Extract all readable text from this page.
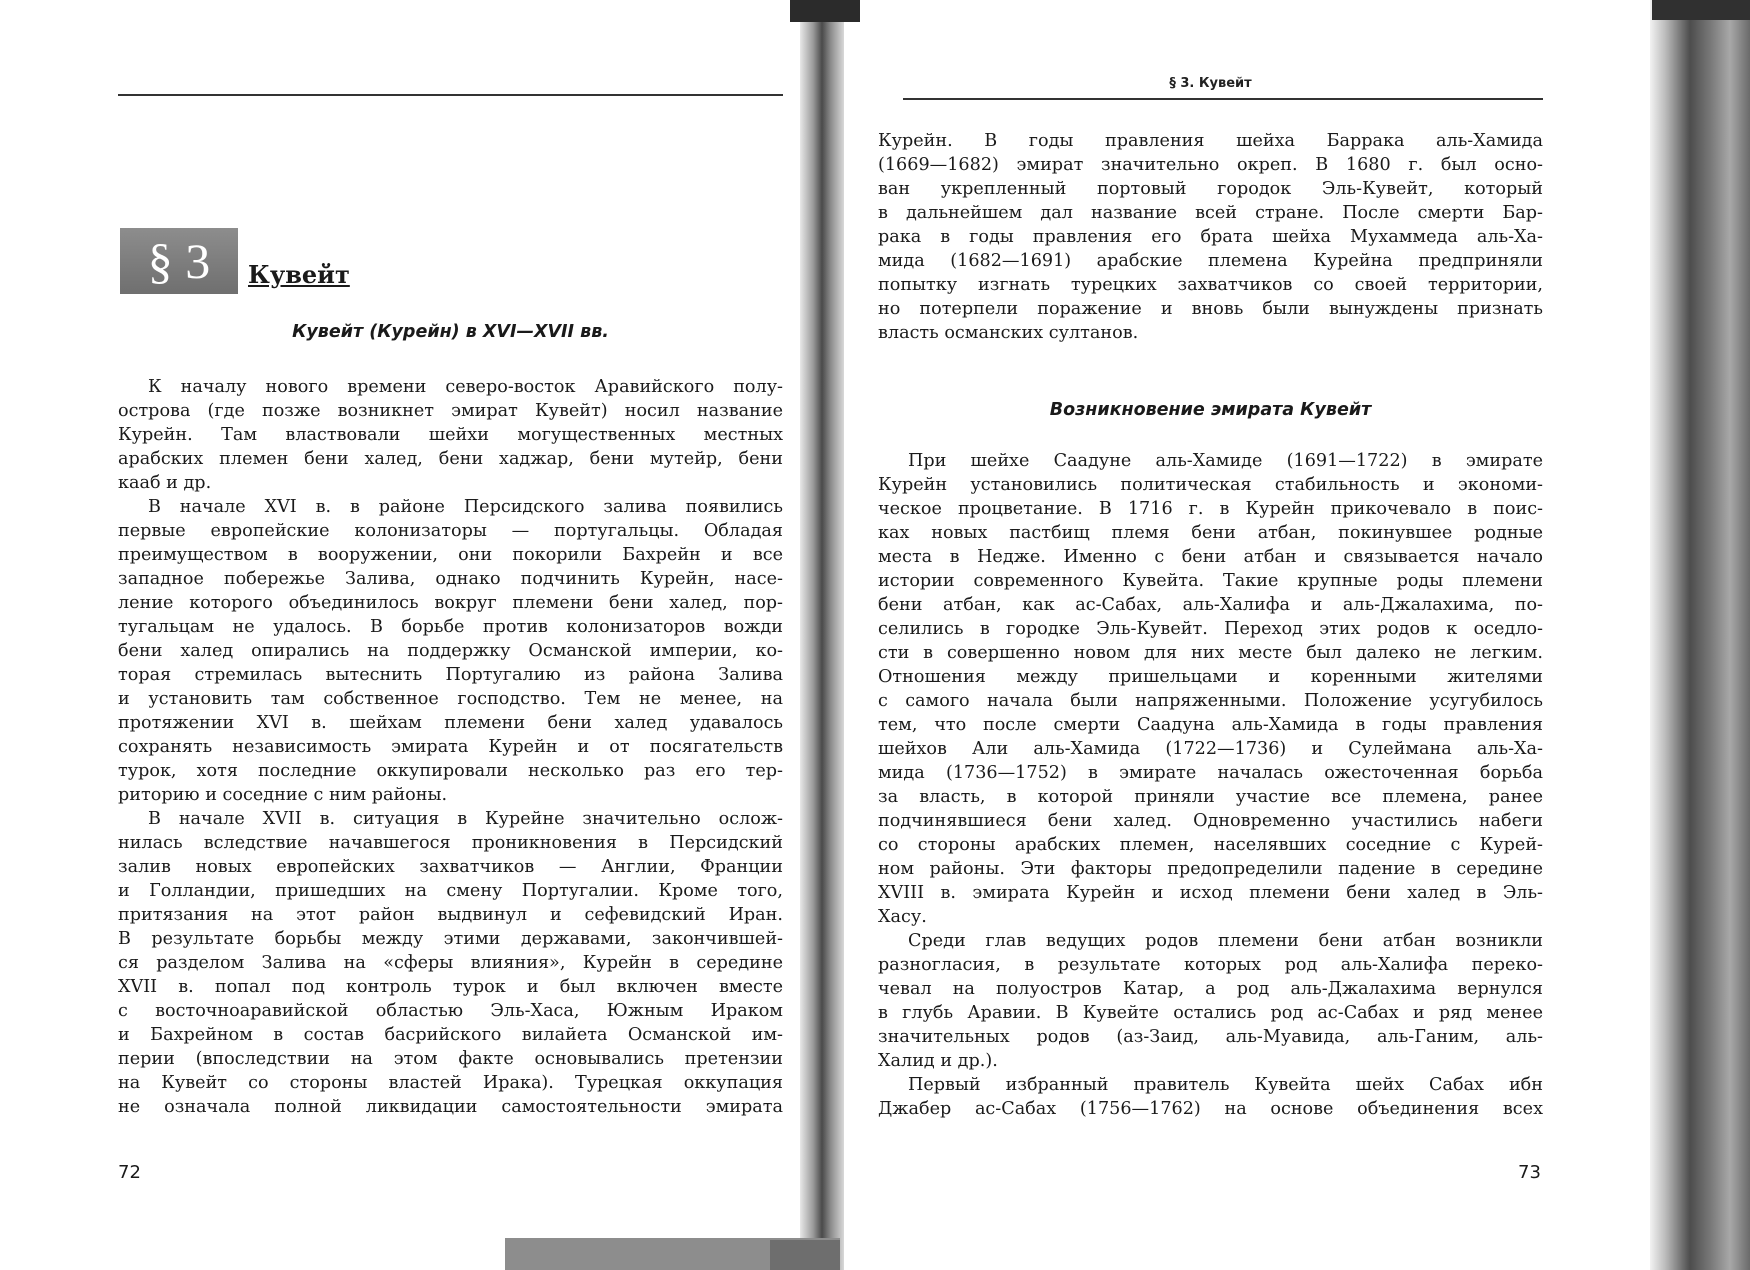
§ 3	Кувейт
Кувейт (Курейн) в XVI—XVII вв.
К началу нового времени северо-восток Аравийского полу-
острова (где позже возникнет эмират Кувейт) носил название
Курейн. Там властвовали шейхи могущественных местных
арабских племен бени халед, бени хаджар, бени мутейр, бени
кааб и др.
В начале XVI в. в районе Персидского залива появились
первые европейские колонизаторы — португальцы. Обладая
преимуществом в вооружении, они покорили Бахрейн и все
западное побережье Залива, однако подчинить Курейн, насе-
ление которого объединилось вокруг племени бени халед, пор-
тугальцам не удалось. В борьбе против колонизаторов вожди
бени халед опирались на поддержку Османской империи, ко-
торая стремилась вытеснить Португалию из района Залива
и установить там собственное господство. Тем не менее, на
протяжении XVI в. шейхам племени бени халед удавалось
сохранять независимость эмирата Курейн и от посягательств
турок, хотя последние оккупировали несколько раз его тер-
риторию и соседние с ним районы.
В начале XVII в. ситуация в Курейне значительно ослож-
нилась вследствие начавшегося проникновения в Персидский
залив новых европейских захватчиков — Англии, Франции
и Голландии, пришедших на смену Португалии. Кроме того,
притязания на этот район выдвинул и сефевидский Иран.
В результате борьбы между этими державами, закончившей-
ся разделом Залива на «сферы влияния», Курейн в середине
XVII в. попал под контроль турок и был включен вместе
с восточноаравийской областью Эль-Хаса, Южным Ираком
и Бахрейном в состав басрийского вилайета Османской им-
перии (впоследствии на этом факте основывались претензии
на Кувейт со стороны властей Ирака). Турецкая оккупация
не означала полной ликвидации самостоятельности эмирата
72
§ 3. Кувейт
Курейн. В годы правления шейха Баррака аль-Хамида
(1669—1682) эмират значительно окреп. В 1680 г. был осно-
ван укрепленный портовый городок Эль-Кувейт, который
в дальнейшем дал название всей стране. После смерти Бар-
рака в годы правления его брата шейха Мухаммеда аль-Ха-
мида (1682—1691) арабские племена Курейна предприняли
попытку изгнать турецких захватчиков со своей территории,
но потерпели поражение и вновь были вынуждены признать
власть османских султанов.
Возникновение эмирата Кувейт
При шейхе Саадуне аль-Хамиде (1691—1722) в эмирате
Курейн установились политическая стабильность и экономи-
ческое процветание. В 1716 г. в Курейн прикочевало в поис-
ках новых пастбищ племя бени атбан, покинувшее родные
места в Недже. Именно с бени атбан и связывается начало
истории современного Кувейта. Такие крупные роды племени
бени атбан, как ас-Сабах, аль-Халифа и аль-Джалахима, по-
селились в городке Эль-Кувейт. Переход этих родов к оседло-
сти в совершенно новом для них месте был далеко не легким.
Отношения между пришельцами и коренными жителями
с самого начала были напряженными. Положение усугубилось
тем, что после смерти Саадуна аль-Хамида в годы правления
шейхов Али аль-Хамида (1722—1736) и Сулеймана аль-Ха-
мида (1736—1752) в эмирате началась ожесточенная борьба
за власть, в которой приняли участие все племена, ранее
подчинявшиеся бени халед. Одновременно участились набеги
со стороны арабских племен, населявших соседние с Курей-
ном районы. Эти факторы предопределили падение в середине
XVIII в. эмирата Курейн и исход племени бени халед в Эль-
Хасу.
Среди глав ведущих родов племени бени атбан возникли
разногласия, в результате которых род аль-Халифа переко-
чевал на полуостров Катар, а род аль-Джалахима вернулся
в глубь Аравии. В Кувейте остались род ас-Сабах и ряд менее
значительных родов (аз-Заид, аль-Муавида, аль-Ганим, аль-
Халид и др.).
Первый избранный правитель Кувейта шейх Сабах ибн
Джабер ас-Сабах (1756—1762) на основе объединения всех
73
